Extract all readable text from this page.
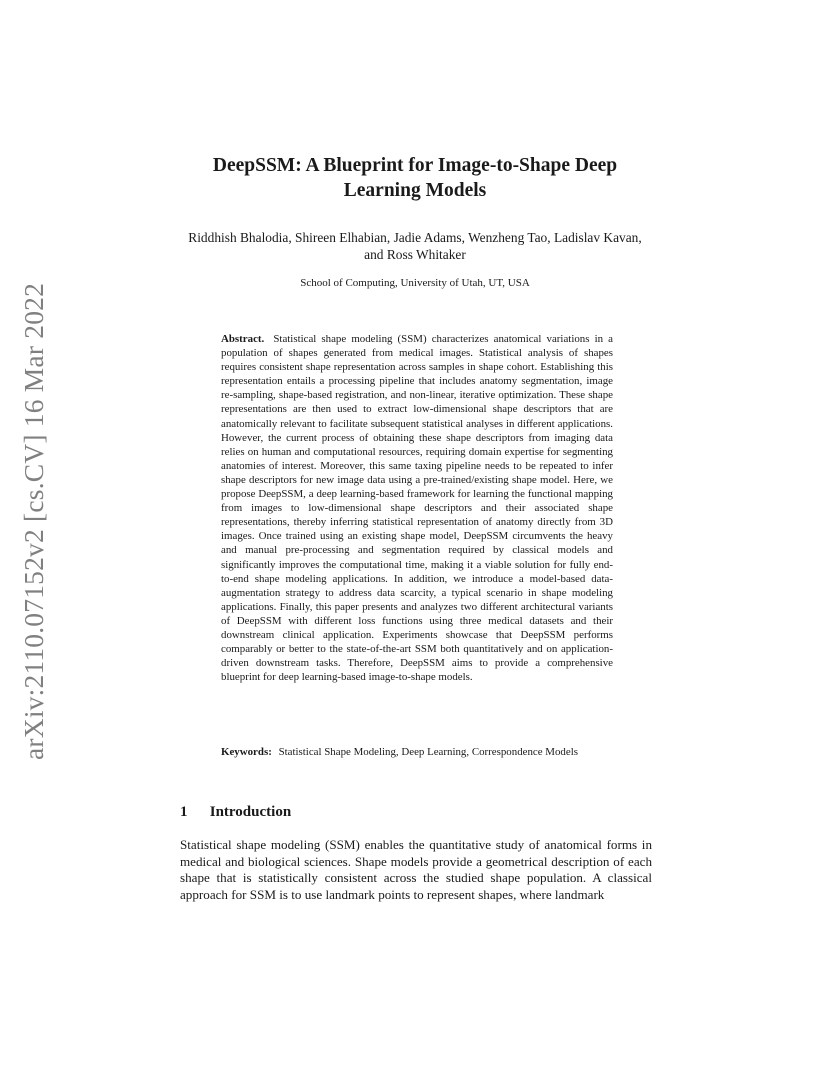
arXiv:2110.07152v2 [cs.CV] 16 Mar 2022
DeepSSM: A Blueprint for Image-to-Shape Deep Learning Models
Riddhish Bhalodia, Shireen Elhabian, Jadie Adams, Wenzheng Tao, Ladislav Kavan, and Ross Whitaker
School of Computing, University of Utah, UT, USA
Abstract. Statistical shape modeling (SSM) characterizes anatomical variations in a population of shapes generated from medical images. Statistical analysis of shapes requires consistent shape representation across samples in shape cohort. Establishing this representation entails a processing pipeline that includes anatomy segmentation, image re-sampling, shape-based registration, and non-linear, iterative optimization. These shape representations are then used to extract low-dimensional shape descriptors that are anatomically relevant to facilitate subsequent statistical analyses in different applications. However, the current process of obtaining these shape descriptors from imaging data relies on human and computational resources, requiring domain expertise for segmenting anatomies of interest. Moreover, this same taxing pipeline needs to be repeated to infer shape descriptors for new image data using a pre-trained/existing shape model. Here, we propose DeepSSM, a deep learning-based framework for learning the functional mapping from images to low-dimensional shape descriptors and their associated shape representations, thereby inferring statistical representation of anatomy directly from 3D images. Once trained using an existing shape model, DeepSSM circumvents the heavy and manual pre-processing and segmentation required by classical models and significantly improves the computational time, making it a viable solution for fully end-to-end shape modeling applications. In addition, we introduce a model-based data-augmentation strategy to address data scarcity, a typical scenario in shape modeling applications. Finally, this paper presents and analyzes two different architectural variants of DeepSSM with different loss functions using three medical datasets and their downstream clinical application. Experiments showcase that DeepSSM performs comparably or better to the state-of-the-art SSM both quantitatively and on application-driven downstream tasks. Therefore, DeepSSM aims to provide a comprehensive blueprint for deep learning-based image-to-shape models.
Keywords: Statistical Shape Modeling, Deep Learning, Correspondence Models
1 Introduction
Statistical shape modeling (SSM) enables the quantitative study of anatomical forms in medical and biological sciences. Shape models provide a geometrical description of each shape that is statistically consistent across the studied shape population. A classical approach for SSM is to use landmark points to represent shapes, where landmark
